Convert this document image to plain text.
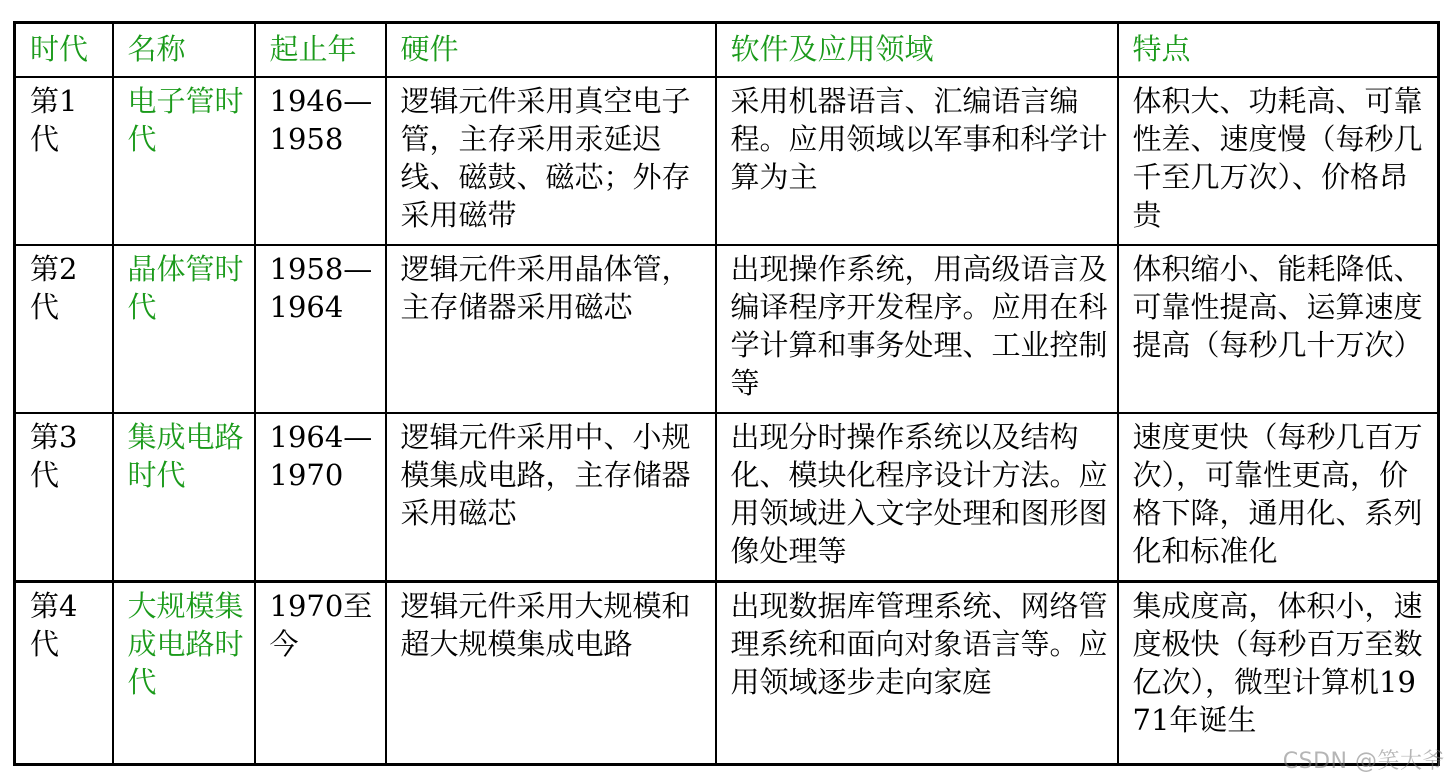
时代	名称	起止年	硬件	软件及应用领域	特点
第1代	电子管时代	1946—1958	逻辑元件采用真空电子管，主存采用汞延迟线、磁鼓、磁芯；外存采用磁带	采用机器语言、汇编语言编程。应用领域以军事和科学计算为主	体积大、功耗高、可靠性差、速度慢（每秒几千至几万次）、价格昂贵
第2代	晶体管时代	1958—1964	逻辑元件采用晶体管，主存储器采用磁芯	出现操作系统，用高级语言及编译程序开发程序。应用在科学计算和事务处理、工业控制等	体积缩小、能耗降低、可靠性提高、运算速度提高（每秒几十万次）
第3代	集成电路时代	1964—1970	逻辑元件采用中、小规模集成电路，主存储器采用磁芯	出现分时操作系统以及结构化、模块化程序设计方法。应用领域进入文字处理和图形图像处理等	速度更快（每秒几百万次），可靠性更高，价格下降，通用化、系列化和标准化
第4代	大规模集成电路时代	1970至今	逻辑元件采用大规模和超大规模集成电路	出现数据库管理系统、网络管理系统和面向对象语言等。应用领域逐步走向家庭	集成度高，体积小，速度极快（每秒百万至数亿次），微型计算机1971年诞生
CSDN @笑大爷
